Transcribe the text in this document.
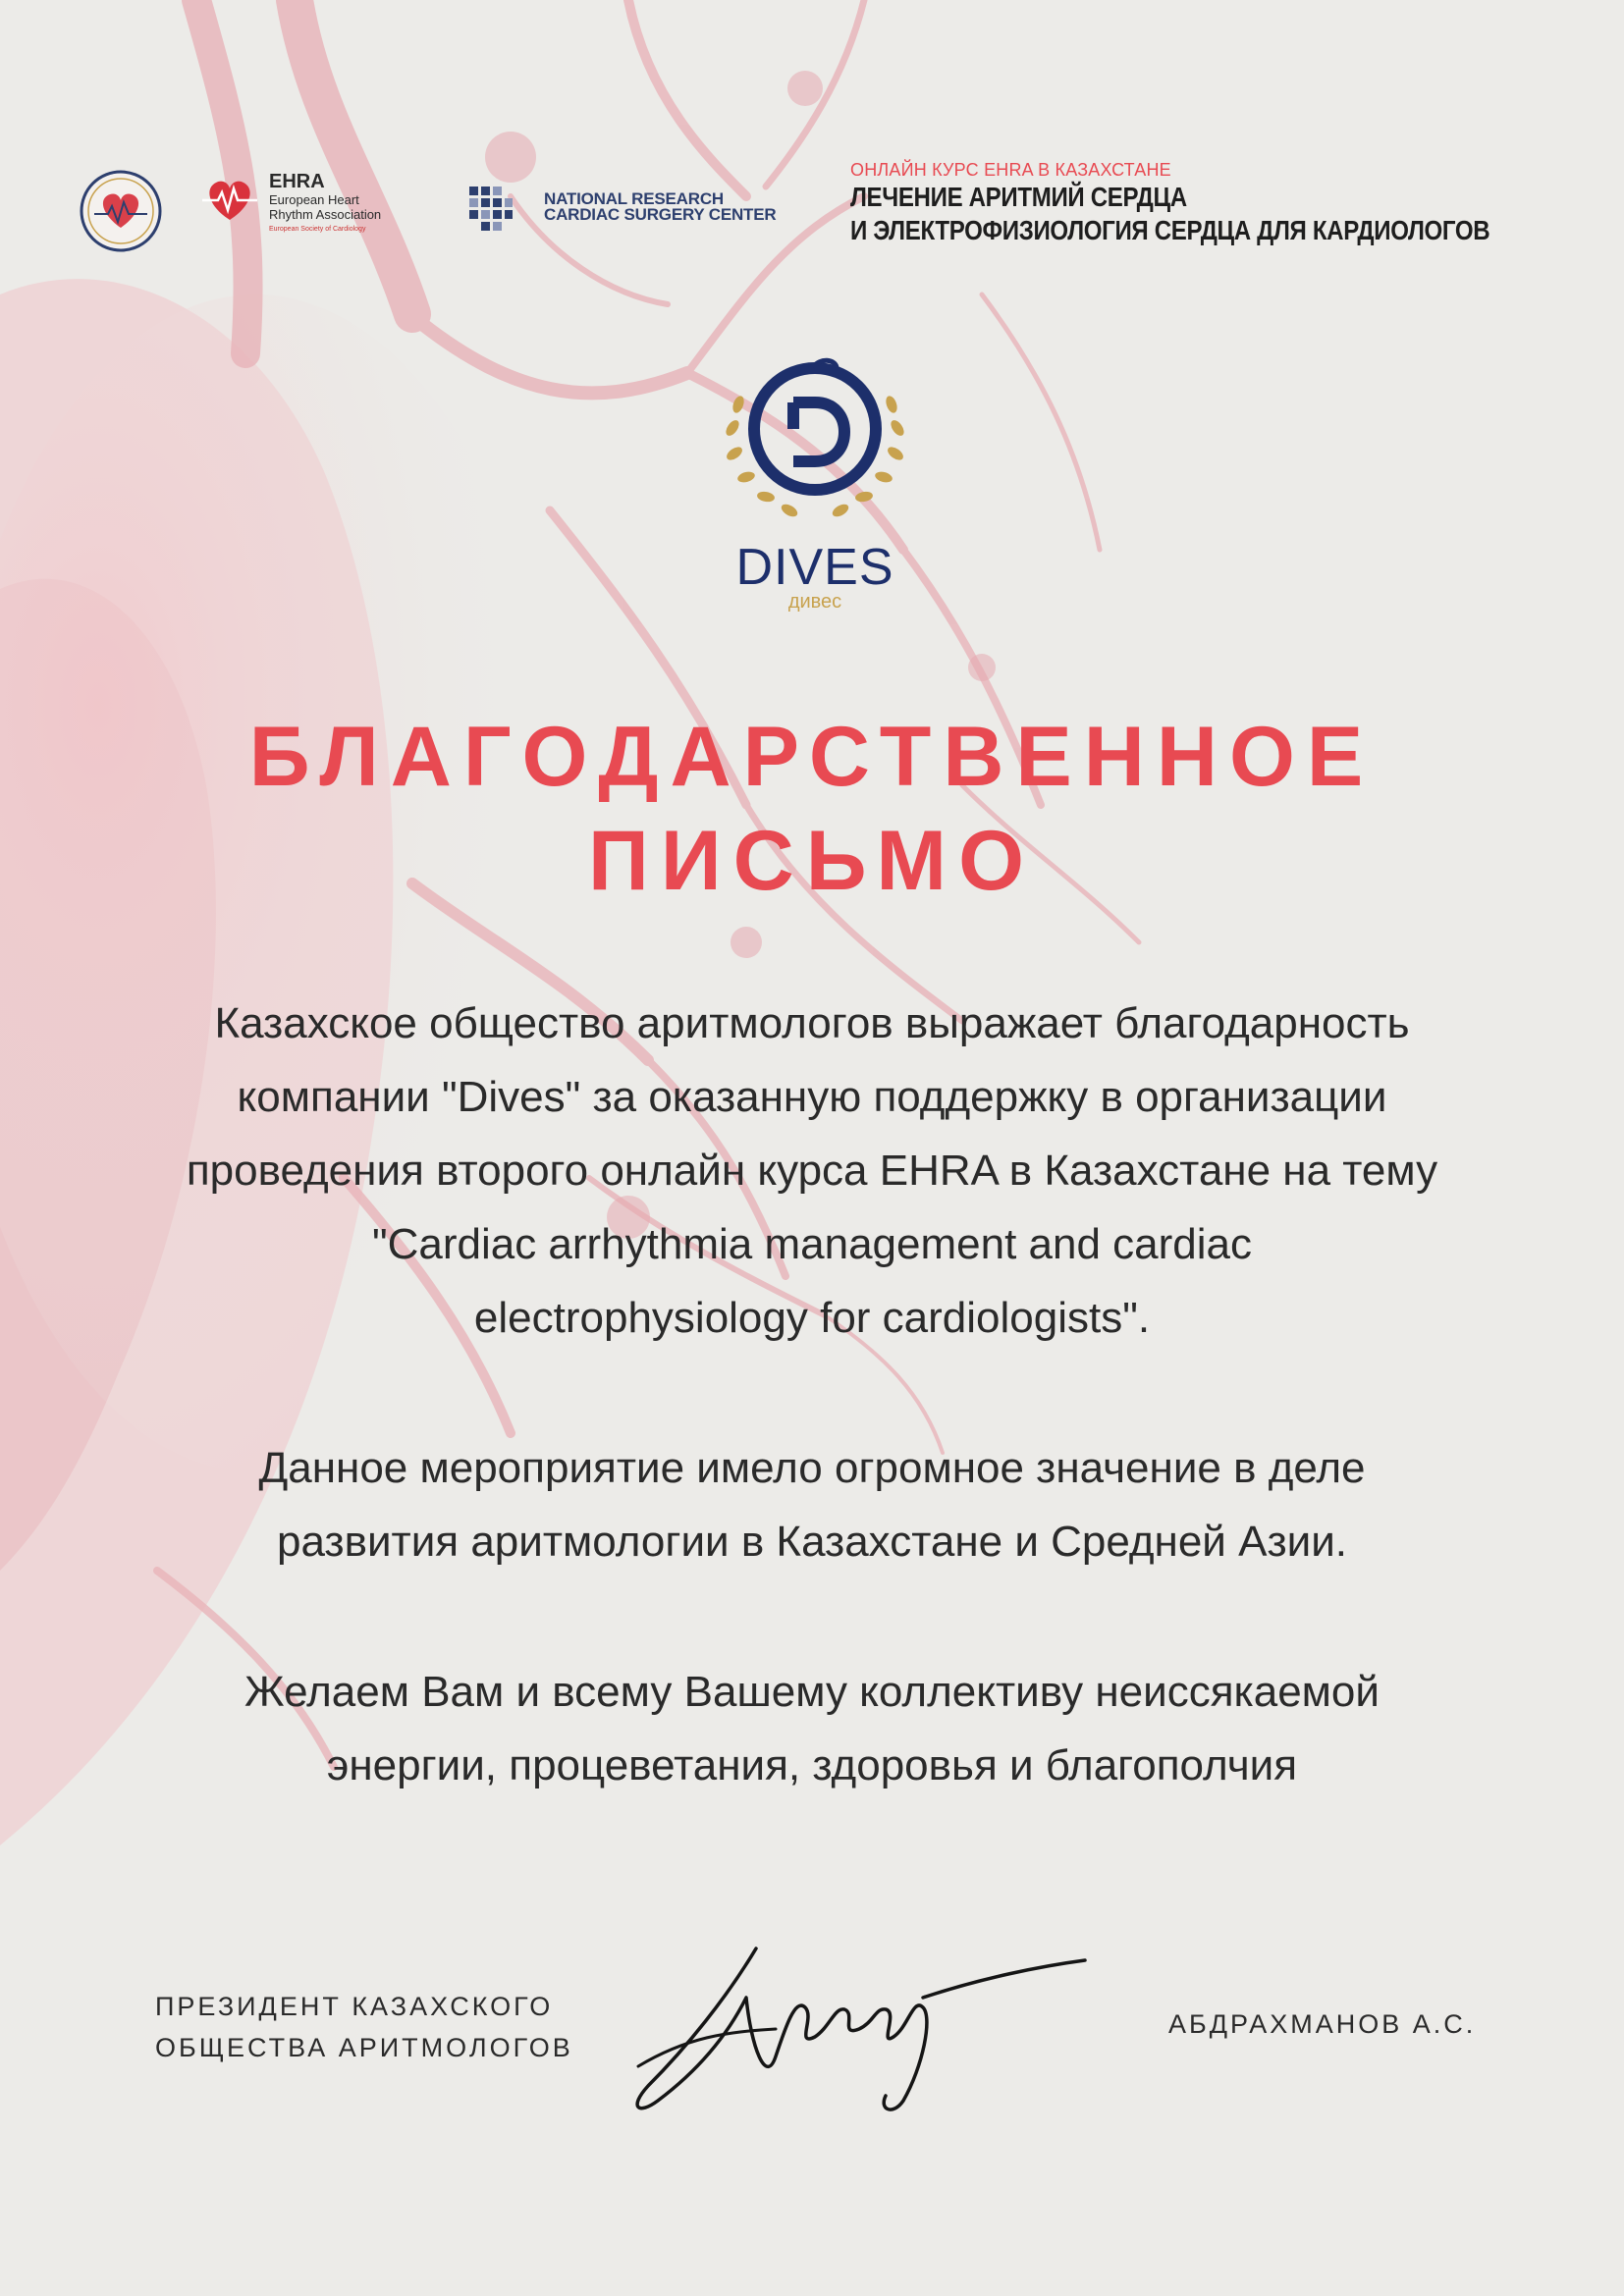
EHRA
European Heart
Rhythm Association
European Society of Cardiology
NATIONAL RESEARCH
CARDIAC SURGERY CENTER
ОНЛАЙН КУРС EHRA В КАЗАХСТАНЕ
ЛЕЧЕНИЕ АРИТМИЙ СЕРДЦА
И ЭЛЕКТРОФИЗИОЛОГИЯ СЕРДЦА ДЛЯ КАРДИОЛОГОВ
DIVES
дивес
БЛАГОДАРСТВЕННОЕ
ПИСЬМО
Казахское общество аритмологов выражает благодарность
компании "Dives" за оказанную поддержку в организации
проведения второго онлайн курса EHRA в Казахстане на тему
"Cardiac arrhythmia management and cardiac
electrophysiology for cardiologists".
Данное мероприятие имело огромное значение в деле
развития аритмологии в Казахстане и Средней Азии.
Желаем Вам и всему Вашему коллективу неиссякаемой
энергии, процеветания, здоровья и благополчия
ПРЕЗИДЕНТ КАЗАХСКОГО
ОБЩЕСТВА АРИТМОЛОГОВ
АБДРАХМАНОВ А.С.
